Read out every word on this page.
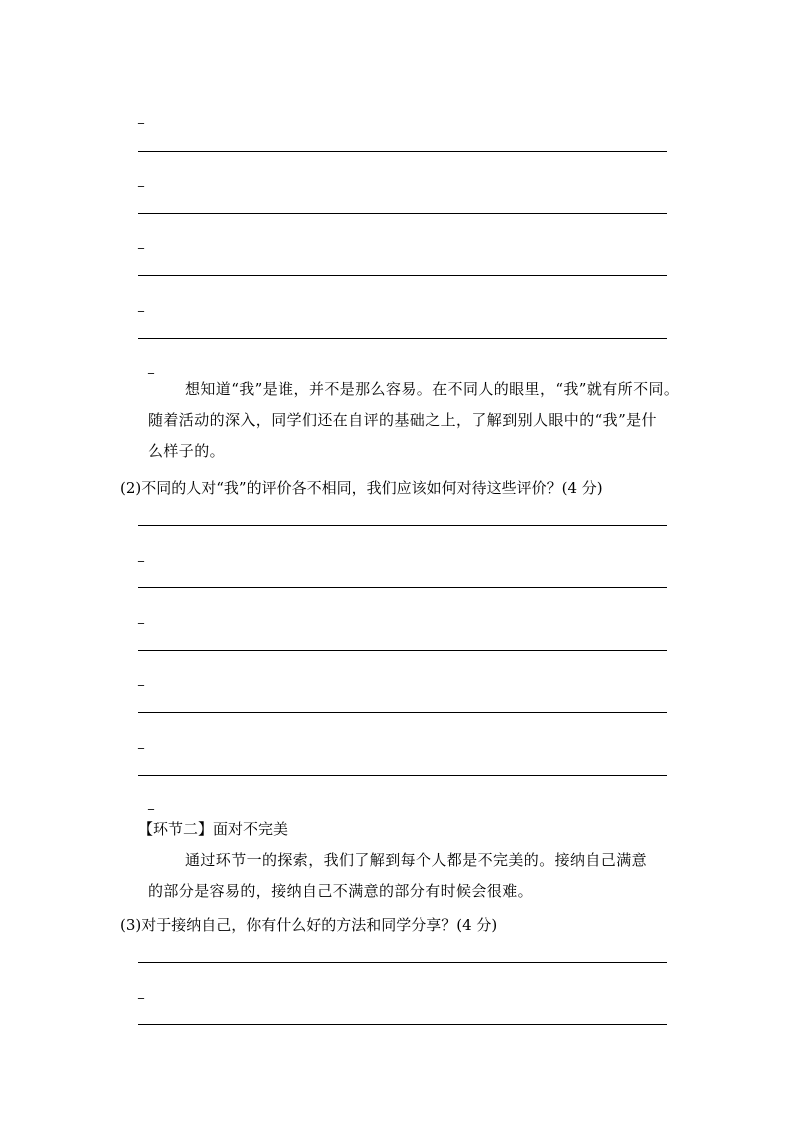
_
_
_
_
_
想知道“我”是谁，并不是那么容易。在不同人的眼里，“我”就有所不同。
随着活动的深入，同学们还在自评的基础之上，了解到别人眼中的“我”是什
么样子的。
(2)不同的人对“我”的评价各不相同，我们应该如何对待这些评价？(4 分)
_
_
_
_
_
【环节二】面对不完美
通过环节一的探索，我们了解到每个人都是不完美的。接纳自己满意
的部分是容易的，接纳自己不满意的部分有时候会很难。
(3)对于接纳自己，你有什么好的方法和同学分享？(4 分)
_
